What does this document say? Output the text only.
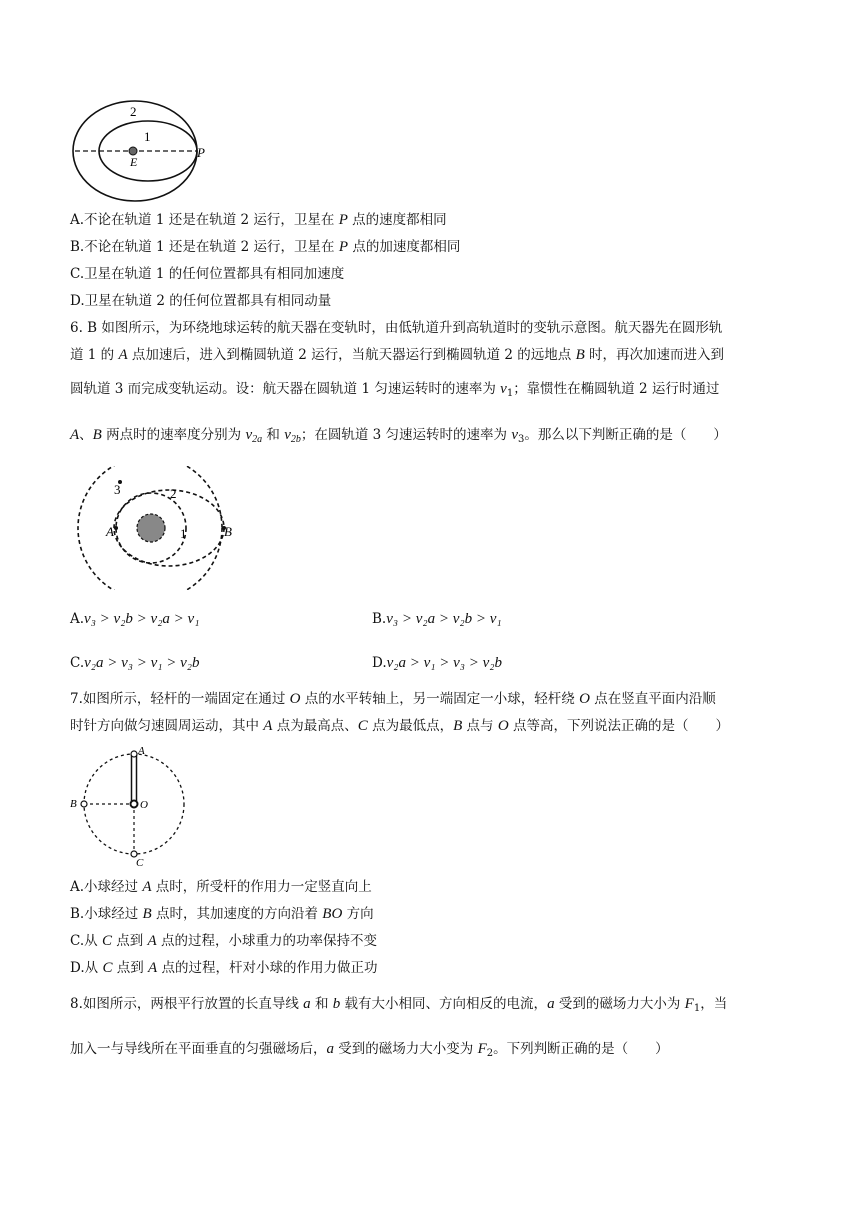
2
1
E
P
A.不论在轨道 1 还是在轨道 2 运行，卫星在 P 点的速度都相同
B.不论在轨道 1 还是在轨道 2 运行，卫星在 P 点的加速度都相同
C.卫星在轨道 1 的任何位置都具有相同加速度
D.卫星在轨道 2 的任何位置都具有相同动量
6. B 如图所示，为环绕地球运转的航天器在变轨时，由低轨道升到高轨道时的变轨示意图。航天器先在圆形轨
道 1 的 A 点加速后，进入到椭圆轨道 2 运行，当航天器运行到椭圆轨道 2 的远地点 B 时，再次加速而进入到
圆轨道 3 而完成变轨运动。设：航天器在圆轨道 1 匀速运转时的速率为 $v_1$；靠惯性在椭圆轨道 2 运行时通过
A、B 两点时的速率度分别为 $v_{2a}$ 和 $v_{2b}$；在圆轨道 3 匀速运转时的速率为 $v_3$。那么以下判断正确的是（　　）
3	2
1
A	B
A.v₃ > v₂b > v₂a > v₁	B.v₃ > v₂a > v₂b > v₁
C.v₂a > v₃ > v₁ > v₂b	D.v₂a > v₁ > v₃ > v₂b
7.如图所示，轻杆的一端固定在通过 O 点的水平转轴上，另一端固定一小球，轻杆绕 O 点在竖直平面内沿顺
时针方向做匀速圆周运动，其中 A 点为最高点、C 点为最低点，B 点与 O 点等高，下列说法正确的是（　　）
A
B	O
C
A.小球经过 A 点时，所受杆的作用力一定竖直向上
B.小球经过 B 点时，其加速度的方向沿着 BO 方向
C.从 C 点到 A 点的过程，小球重力的功率保持不变
D.从 C 点到 A 点的过程，杆对小球的作用力做正功
8.如图所示，两根平行放置的长直导线 a 和 b 载有大小相同、方向相反的电流，a 受到的磁场力大小为 $F_1$，当
加入一与导线所在平面垂直的匀强磁场后，a 受到的磁场力大小变为 $F_2$。下列判断正确的是（　　）
